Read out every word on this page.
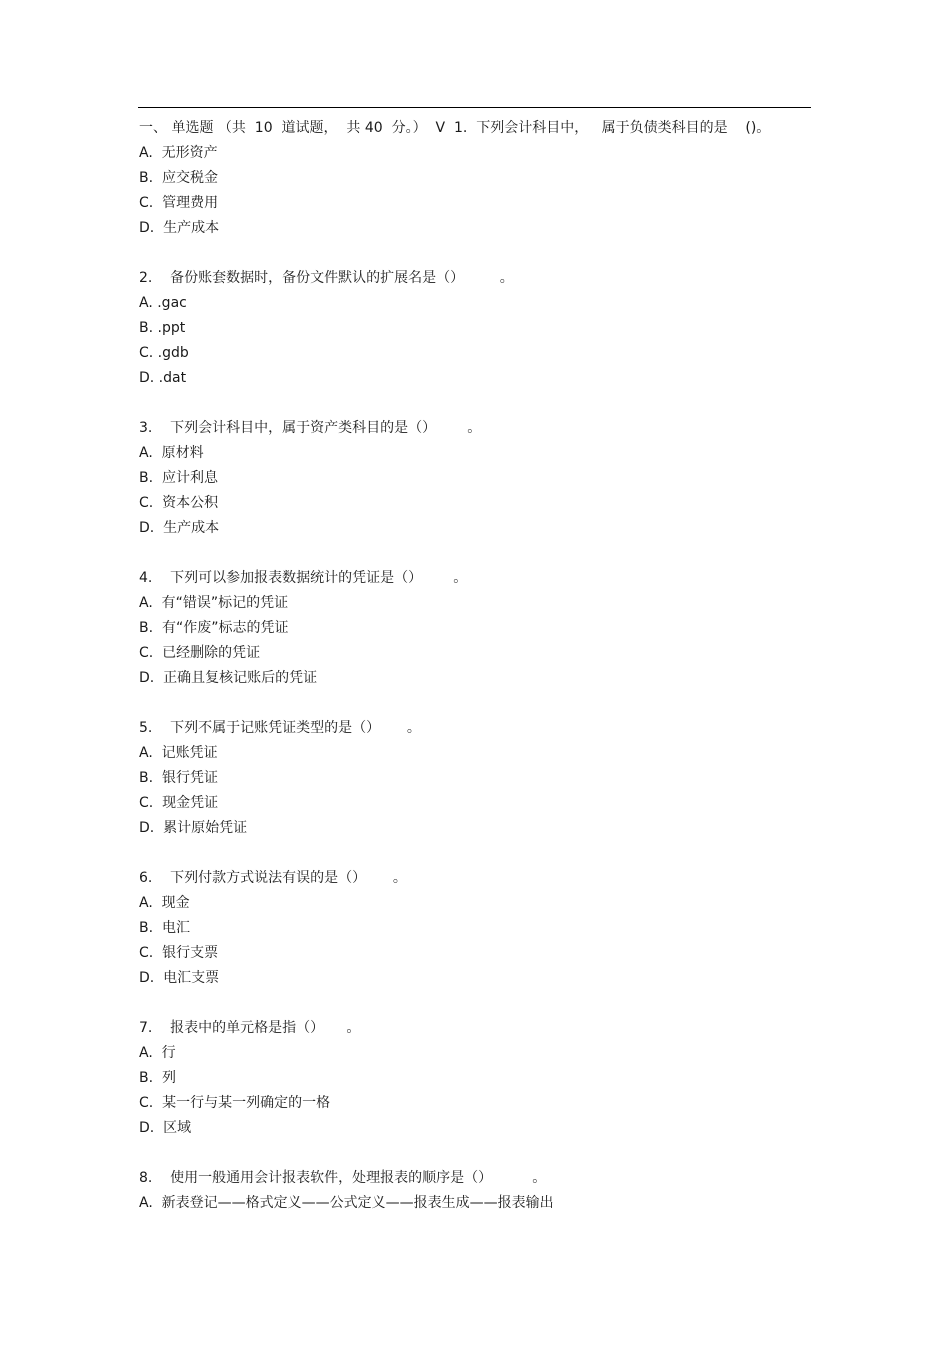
一、 单选题 （共  10  道试题，  共 40  分。）  V  1.  下列会计科目中，   属于负债类科目的是    ()。
A.  无形资产
B.  应交税金
C.  管理费用
D.  生产成本
2.    备份账套数据时，备份文件默认的扩展名是（）        。
A. .gac
B. .ppt
C. .gdb
D. .dat
3.    下列会计科目中，属于资产类科目的是（）       。
A.  原材料
B.  应计利息
C.  资本公积
D.  生产成本
4.    下列可以参加报表数据统计的凭证是（）       。
A.  有“错误”标记的凭证
B.  有“作废”标志的凭证
C.  已经删除的凭证
D.  正确且复核记账后的凭证
5.    下列不属于记账凭证类型的是（）      。
A.  记账凭证
B.  银行凭证
C.  现金凭证
D.  累计原始凭证
6.    下列付款方式说法有误的是（）      。
A.  现金
B.  电汇
C.  银行支票
D.  电汇支票
7.    报表中的单元格是指（）     。
A.  行
B.  列
C.  某一行与某一列确定的一格
D.  区域
8.    使用一般通用会计报表软件，处理报表的顺序是（）         。
A.  新表登记——格式定义——公式定义——报表生成——报表输出
